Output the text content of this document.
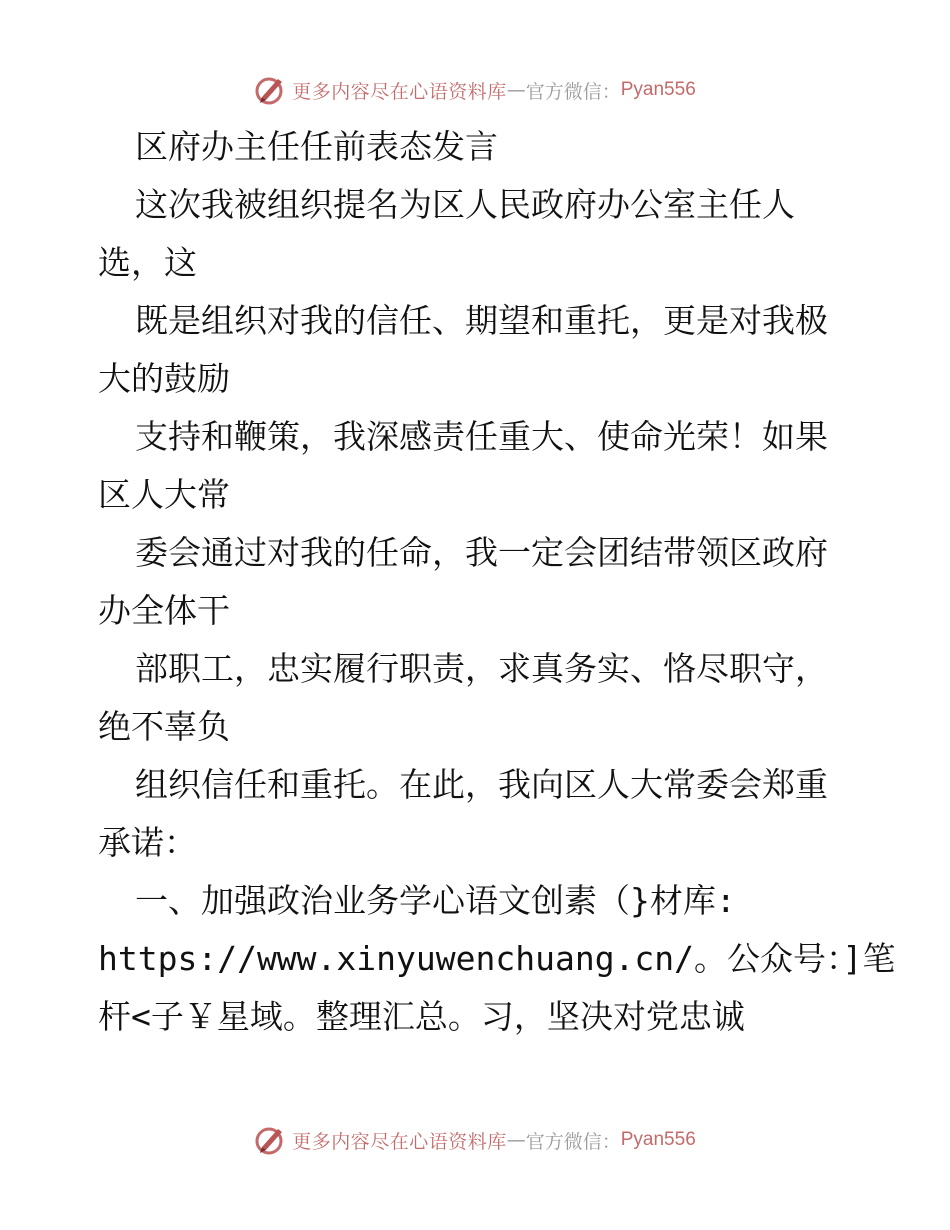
更多内容尽在心语资料库 — 官方微信： Pyan556
区府办主任任前表态发言
这次我被组织提名为区人民政府办公室主任人
选，这
既是组织对我的信任、期望和重托，更是对我极
大的鼓励
支持和鞭策，我深感责任重大、使命光荣！如果
区人大常
委会通过对我的任命，我一定会团结带领区政府
办全体干
部职工，忠实履行职责，求真务实、恪尽职守，
绝不辜负
组织信任和重托。在此，我向区人大常委会郑重
承诺：
一、加强政治业务学心语文创素（}材库:
https://www.xinyuwenchuang.cn/。公众号：]笔
杆<子￥星域。整理汇总。习，坚决对党忠诚
更多内容尽在心语资料库 — 官方微信： Pyan556
